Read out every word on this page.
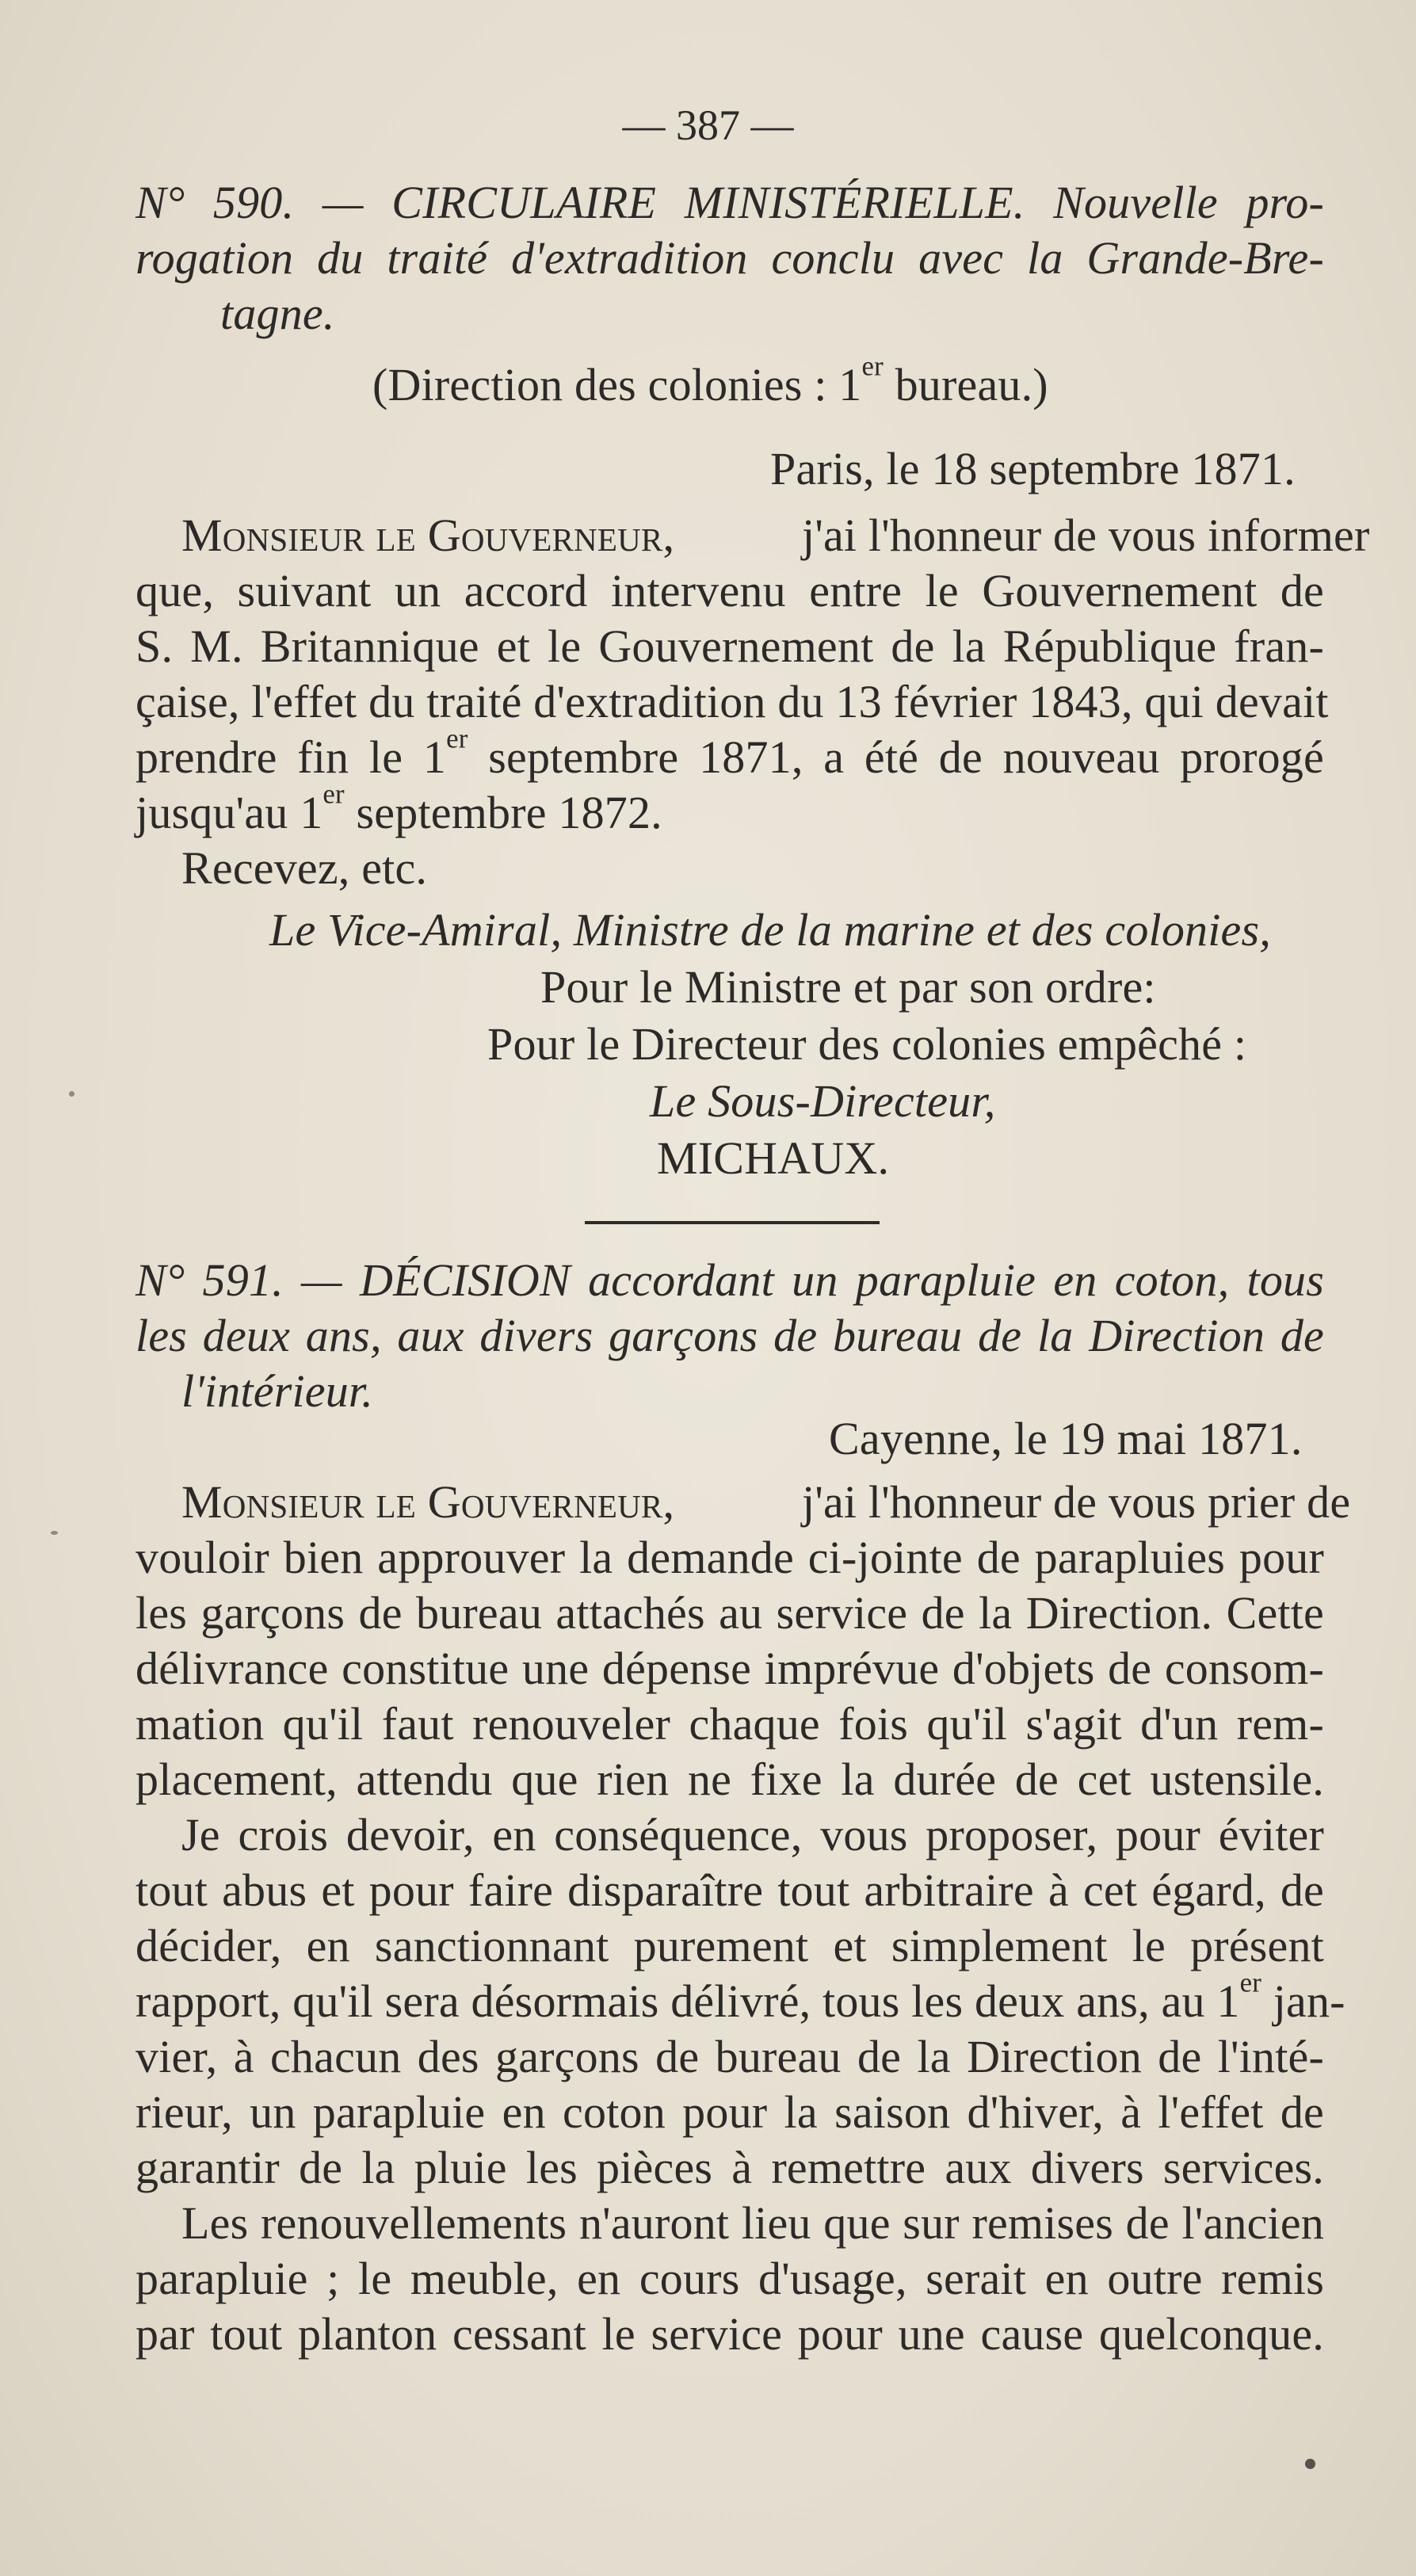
— 387 —
N° 590. — CIRCULAIRE MINISTÉRIELLE. Nouvelle pro-
rogation du traité d'extradition conclu avec la Grande-Bre-
tagne.
(Direction des colonies : 1er bureau.)
Paris, le 18 septembre 1871.
Monsieur le Gouverneur,	j'ai l'honneur de vous informer
que, suivant un accord intervenu entre le Gouvernement de
S. M. Britannique et le Gouvernement de la République fran-
çaise, l'effet du traité d'extradition du 13 février 1843, qui devait
prendre fin le 1er septembre 1871, a été de nouveau prorogé
jusqu'au 1er septembre 1872.
Recevez, etc.
Le Vice-Amiral, Ministre de la marine et des colonies,
Pour le Ministre et par son ordre:
Pour le Directeur des colonies empêché :
Le Sous-Directeur,
MICHAUX.
N° 591. — DÉCISION accordant un parapluie en coton, tous
les deux ans, aux divers garçons de bureau de la Direction de
l'intérieur.
Cayenne, le 19 mai 1871.
Monsieur le Gouverneur,	j'ai l'honneur de vous prier de
vouloir bien approuver la demande ci-jointe de parapluies pour
les garçons de bureau attachés au service de la Direction. Cette
délivrance constitue une dépense imprévue d'objets de consom-
mation qu'il faut renouveler chaque fois qu'il s'agit d'un rem-
placement, attendu que rien ne fixe la durée de cet ustensile.
Je crois devoir, en conséquence, vous proposer, pour éviter
tout abus et pour faire disparaître tout arbitraire à cet égard, de
décider, en sanctionnant purement et simplement le présent
rapport, qu'il sera désormais délivré, tous les deux ans, au 1er jan-
vier, à chacun des garçons de bureau de la Direction de l'inté-
rieur, un parapluie en coton pour la saison d'hiver, à l'effet de
garantir de la pluie les pièces à remettre aux divers services.
Les renouvellements n'auront lieu que sur remises de l'ancien
parapluie ; le meuble, en cours d'usage, serait en outre remis
par tout planton cessant le service pour une cause quelconque.
